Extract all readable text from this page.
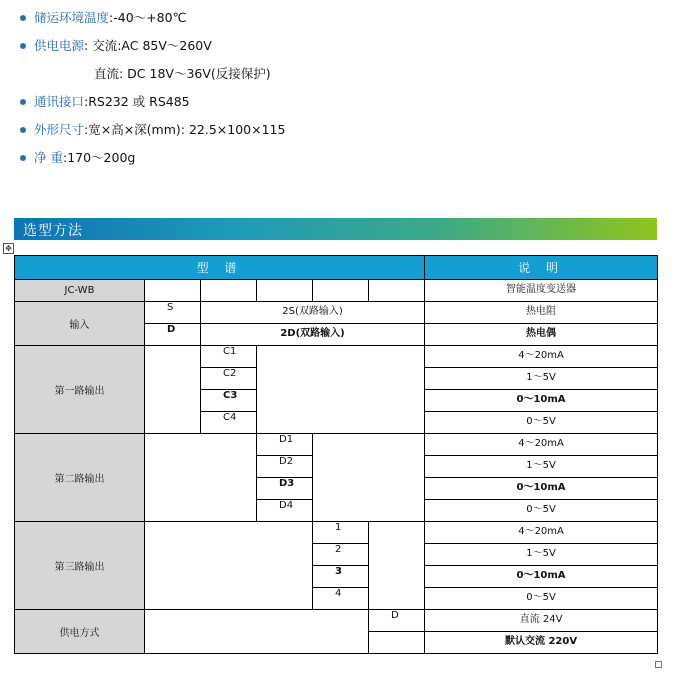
储运环境温度:-40～+80℃
供电电源: 交流:AC 85V～260V
直流: DC 18V～36V(反接保护)
通讯接口:RS232 或 RS485
外形尺寸:宽×高×深(mm): 22.5×100×115
净 重:170～200g
选型方法
✥
型 谱						说 明
JC-WB						智能温度变送器
输入	S	2S(双路输入)				热电阻
	D	2D(双路输入)				热电偶
第一路输出		C1				4～20mA
		C2				1～5V
		C3				0～10mA
		C4				0～5V
第二路输出			D1			4～20mA
			D2			1～5V
			D3			0～10mA
			D4			0～5V
第三路输出				1		4～20mA
				2		1～5V
				3		0～10mA
				4		0～5V
供电方式					D	直流 24V
						默认交流 220V
